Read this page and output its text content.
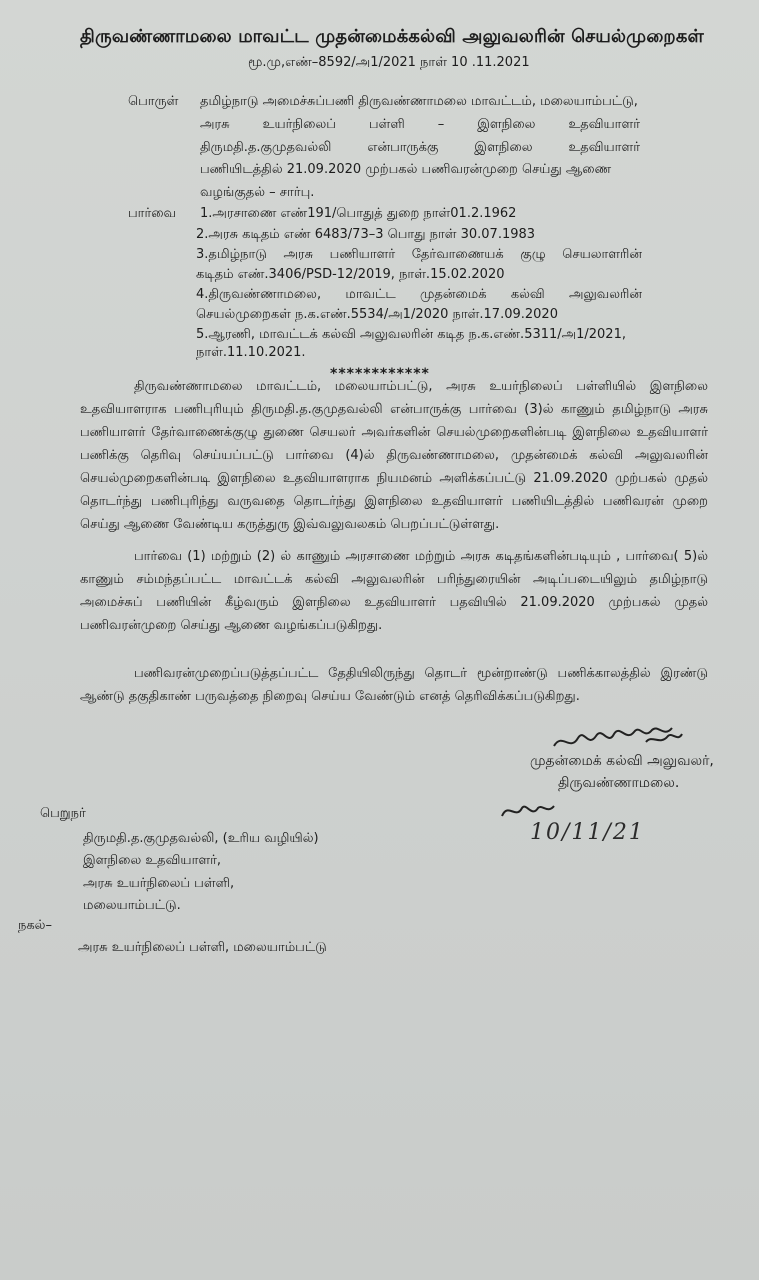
திருவண்ணாமலை மாவட்ட முதன்மைக்கல்வி அலுவலரின் செயல்முறைகள்
மூ.மு,எண்–8592/அ1/2021 நாள் 10 .11.2021
பொருள் தமிழ்நாடு அமைச்சுப்பணி திருவண்ணாமலை மாவட்டம், மலையாம்பட்டு,
அரசு உயர்நிலைப் பள்ளி – இளநிலை உதவியாளர்
திருமதி.த.குமுதவல்லி என்பாருக்கு இளநிலை உதவியாளர்
பணியிடத்தில் 21.09.2020 முற்பகல் பணிவரன்முறை செய்து ஆணை
வழங்குதல் – சார்பு.
பார்வை 1.அரசாணை எண்191/பொதுத் துறை நாள்01.2.1962
2.அரசு கடிதம் எண் 6483/73–3 பொது நாள் 30.07.1983
3.தமிழ்நாடு அரசு பணியாளர் தேர்வாணையக் குழு செயலாளரின்
கடிதம் எண்.3406/PSD-12/2019, நாள்.15.02.2020
4.திருவண்ணாமலை, மாவட்ட முதன்மைக் கல்வி அலுவலரின்
செயல்முறைகள் ந.க.எண்.5534/அ1/2020 நாள்.17.09.2020
5.ஆரணி, மாவட்டக் கல்வி அலுவலரின் கடித ந.க.எண்.5311/அ1/2021,
************
திருவண்ணாமலை மாவட்டம், மலையாம்பட்டு, அரசு உயர்நிலைப் பள்ளியில் இளநிலை உதவியாளராக பணிபுரியும் திருமதி.த.குமுதவல்லி என்பாருக்கு பார்வை (3)ல் காணும் தமிழ்நாடு அரசு பணியாளர் தேர்வாணைக்குழு துணை செயலர் அவர்களின் செயல்முறைகளின்படி இளநிலை உதவியாளர் பணிக்கு தெரிவு செய்யப்பட்டு பார்வை (4)ல் திருவண்ணாமலை, முதன்மைக் கல்வி அலுவலரின் செயல்முறைகளின்படி இளநிலை உதவியாளராக நியமனம் அளிக்கப்பட்டு 21.09.2020 முற்பகல் முதல் தொடர்ந்து பணிபுரிந்து வருவதை தொடர்ந்து இளநிலை உதவியாளர் பணியிடத்தில் பணிவரன் முறை செய்து ஆணை வேண்டிய கருத்துரு இவ்வலுவலகம் பெறப்பட்டுள்ளது.
பார்வை (1) மற்றும் (2) ல் காணும் அரசாணை மற்றும் அரசு கடிதங்களின்படியும் , பார்வை( 5)ல் காணும் சம்மந்தப்பட்ட மாவட்டக் கல்வி அலுவலரின் பரிந்துரையின் அடிப்படையிலும் தமிழ்நாடு அமைச்சுப் பணியின் கீழ்வரும் இளநிலை உதவியாளர் பதவியில் 21.09.2020 முற்பகல் முதல் பணிவரன்முறை செய்து ஆணை வழங்கப்படுகிறது.
பணிவரன்முறைப்படுத்தப்பட்ட தேதியிலிருந்து தொடர் மூன்றாண்டு பணிக்காலத்தில் இரண்டு ஆண்டு தகுதிகாண் பருவத்தை நிறைவு செய்ய வேண்டும் எனத் தெரிவிக்கப்படுகிறது.
முதன்மைக் கல்வி அலுவலர்,
திருவண்ணாமலை.
10/11/21
பெறுநர்
திருமதி.த.குமுதவல்லி, (உரிய வழியில்)
இளநிலை உதவியாளர்,
அரசு உயர்நிலைப் பள்ளி,
மலையாம்பட்டு.
நகல்–
அரசு உயர்நிலைப் பள்ளி, மலையாம்பட்டு
நாள்.11.10.2021.
